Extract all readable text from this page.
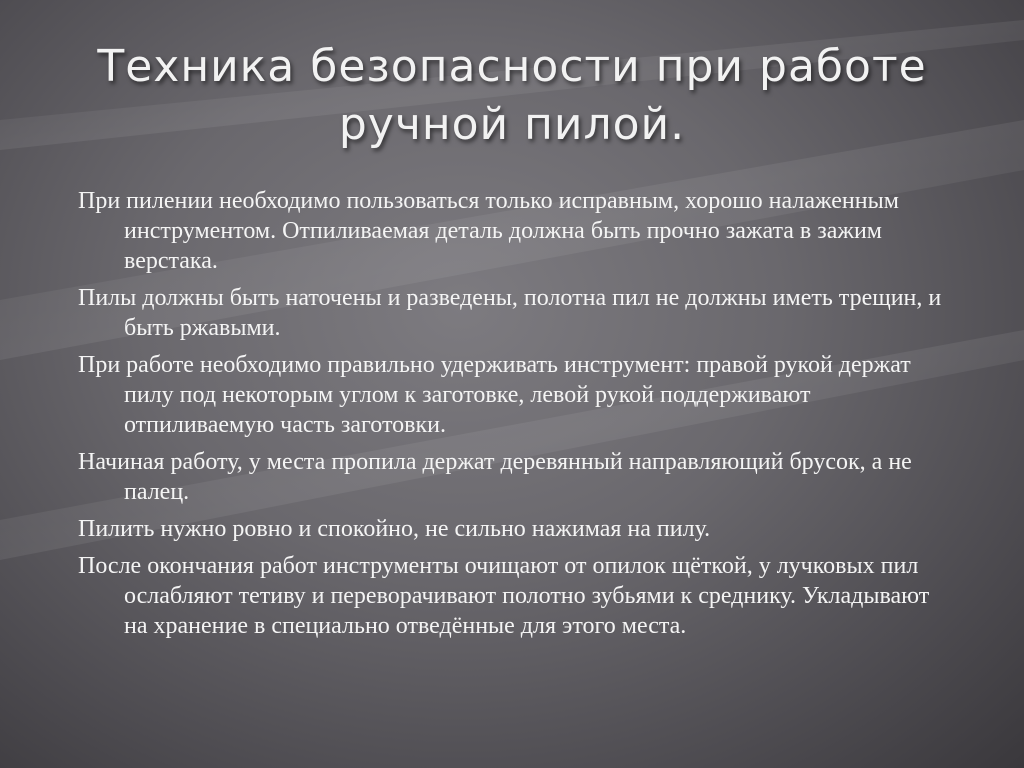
Техника безопасности при работе ручной пилой.

При пилении необходимо пользоваться только исправным, хорошо налаженным инструментом. Отпиливаемая деталь должна быть прочно зажата в зажим верстака.

Пилы должны быть наточены и разведены, полотна пил не должны иметь трещин, и быть ржавыми.

При работе необходимо правильно удерживать инструмент: правой рукой держат пилу под некоторым углом к заготовке, левой рукой поддерживают отпиливаемую часть заготовки.

Начиная работу, у места пропила держат деревянный направляющий брусок, а не палец.

Пилить нужно ровно и спокойно, не сильно нажимая на пилу.

После окончания работ инструменты очищают от опилок щёткой, у лучковых пил ослабляют тетиву и переворачивают полотно зубьями к среднику. Укладывают на хранение в специально отведённые для этого места.
